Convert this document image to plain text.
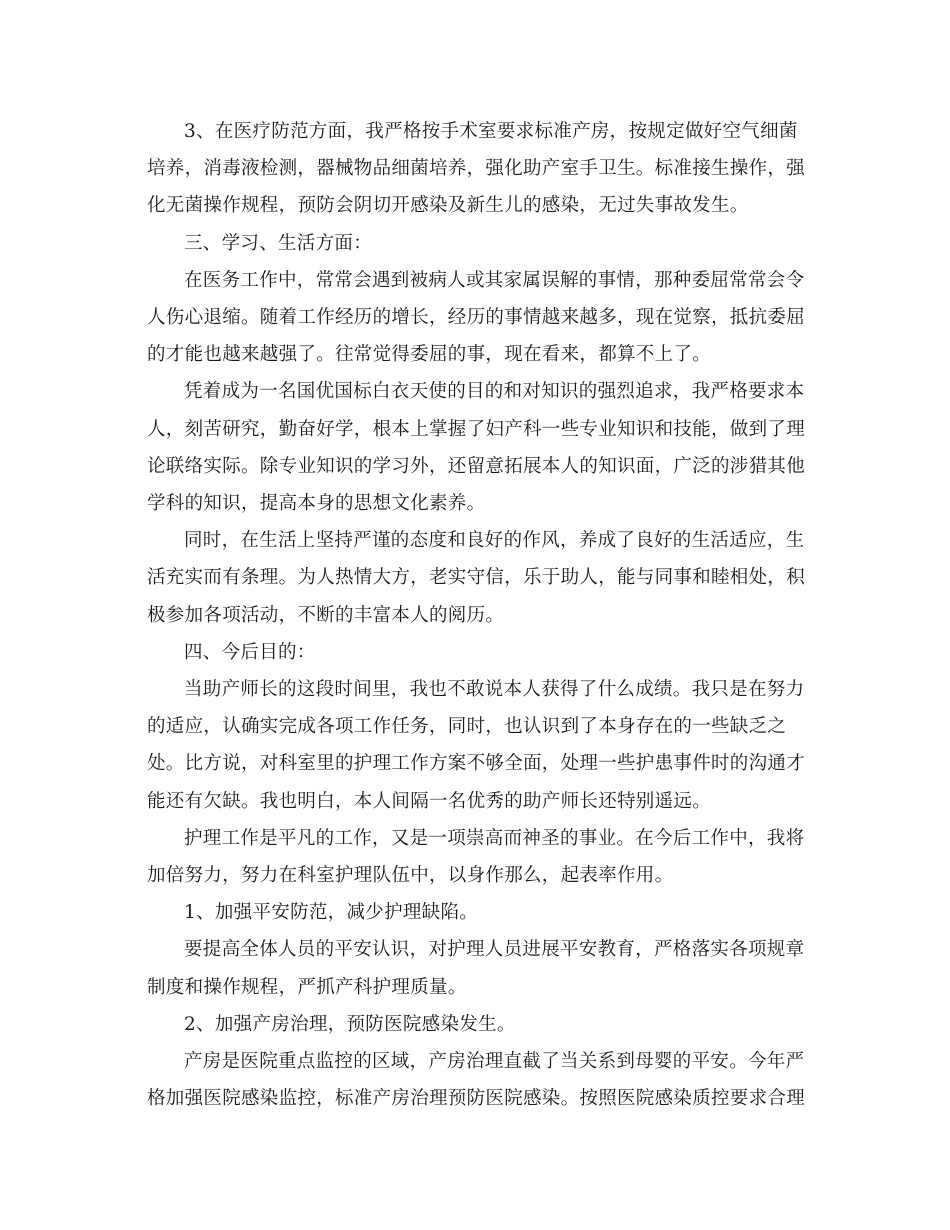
3、在医疗防范方面，我严格按手术室要求标准产房，按规定做好空气细菌
培养，消毒液检测，器械物品细菌培养，强化助产室手卫生。标准接生操作，强
化无菌操作规程，预防会阴切开感染及新生儿的感染，无过失事故发生。

三、学习、生活方面：

在医务工作中，常常会遇到被病人或其家属误解的事情，那种委屈常常会令
人伤心退缩。随着工作经历的增长，经历的事情越来越多，现在觉察，抵抗委屈
的才能也越来越强了。往常觉得委屈的事，现在看来，都算不上了。

凭着成为一名国优国标白衣天使的目的和对知识的强烈追求，我严格要求本
人，刻苦研究，勤奋好学，根本上掌握了妇产科一些专业知识和技能，做到了理
论联络实际。除专业知识的学习外，还留意拓展本人的知识面，广泛的涉猎其他
学科的知识，提高本身的思想文化素养。

同时，在生活上坚持严谨的态度和良好的作风，养成了良好的生活适应，生
活充实而有条理。为人热情大方，老实守信，乐于助人，能与同事和睦相处，积
极参加各项活动，不断的丰富本人的阅历。

四、今后目的：

当助产师长的这段时间里，我也不敢说本人获得了什么成绩。我只是在努力
的适应，认确实完成各项工作任务，同时，也认识到了本身存在的一些缺乏之
处。比方说，对科室里的护理工作方案不够全面，处理一些护患事件时的沟通才
能还有欠缺。我也明白，本人间隔一名优秀的助产师长还特别遥远。

护理工作是平凡的工作，又是一项崇高而神圣的事业。在今后工作中，我将
加倍努力，努力在科室护理队伍中，以身作那么，起表率作用。

1、加强平安防范，减少护理缺陷。

要提高全体人员的平安认识，对护理人员进展平安教育，严格落实各项规章
制度和操作规程，严抓产科护理质量。

2、加强产房治理，预防医院感染发生。

产房是医院重点监控的区域，产房治理直截了当关系到母婴的平安。今年严
格加强医院感染监控，标准产房治理预防医院感染。按照医院感染质控要求合理
